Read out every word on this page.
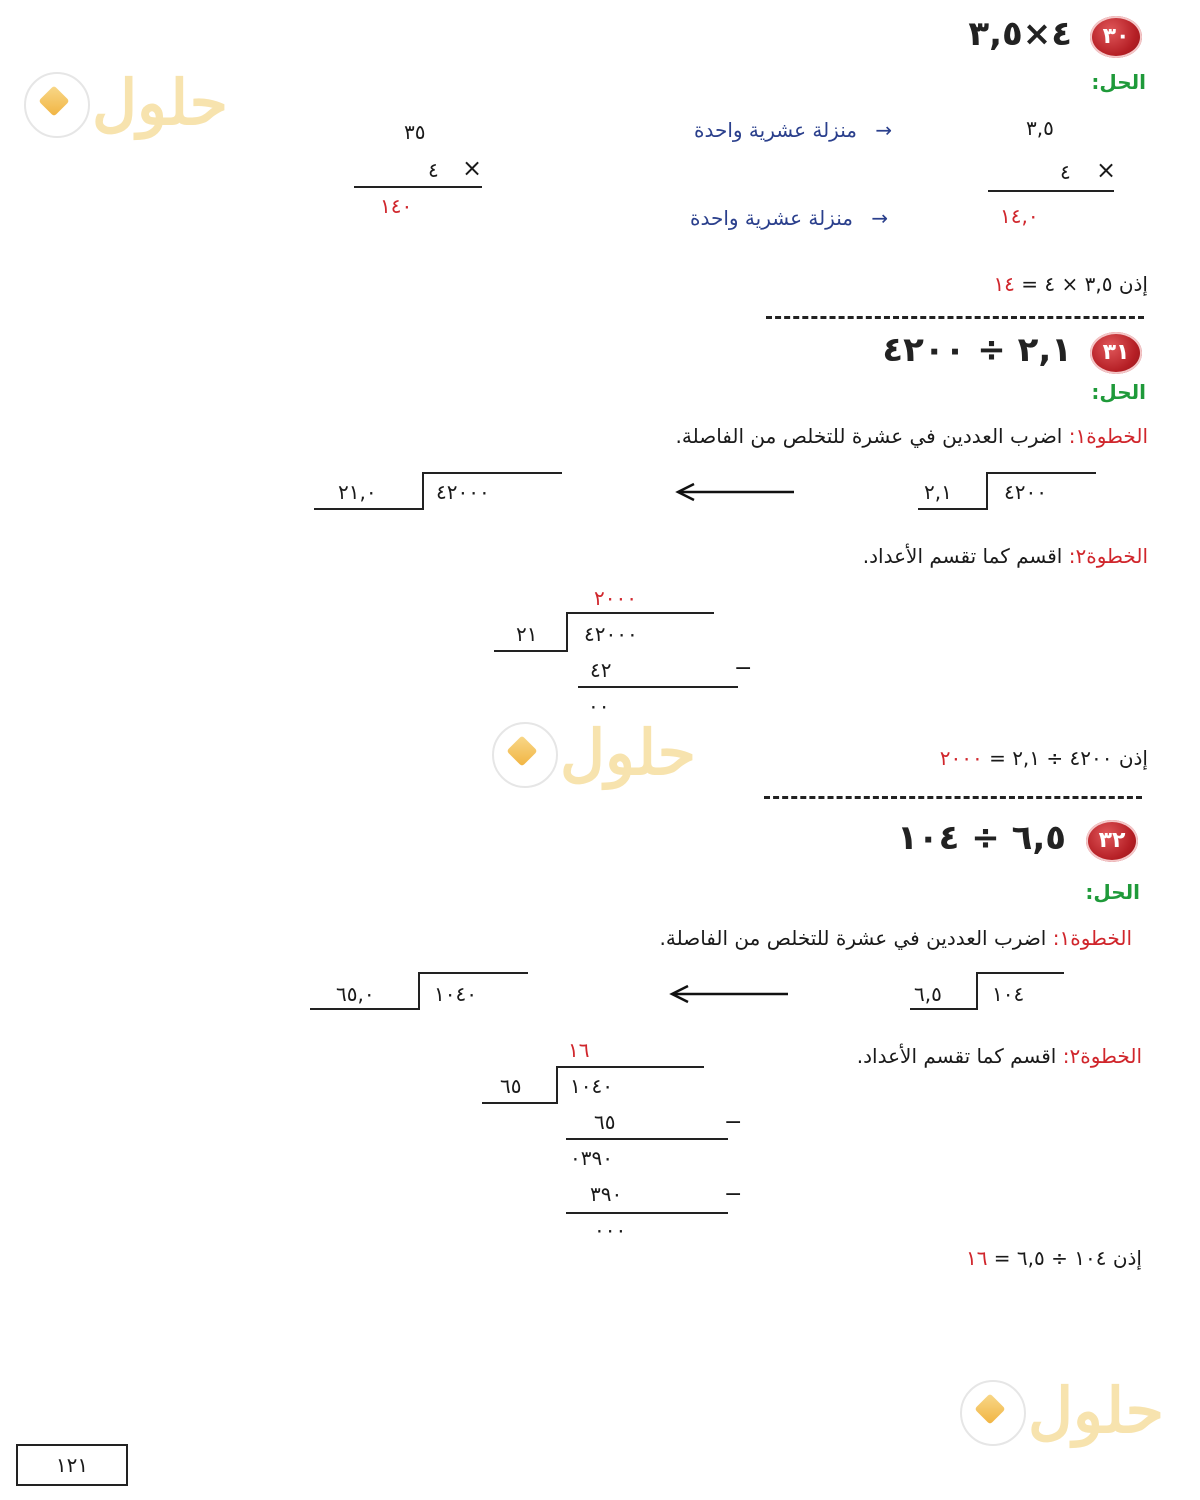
حلول
حلول
حلول
٣٠
٤×٣,٥
الحل:
٣,٥
٤ ×
١٤,٠
→ منزلة عشرية واحدة
→ منزلة عشرية واحدة
٣٥
٤ ×
١٤٠
إذن ٣,٥ × ٤ = ١٤
٣١
٢,١ ÷ ٤٢٠٠
الحل:
الخطوة١: اضرب العددين في عشرة للتخلص من الفاصلة.
٢,١	٤٢٠٠
٢١,٠	٤٢٠٠٠
الخطوة٢: اقسم كما تقسم الأعداد.
٢٠٠٠
٢١ ٤٢٠٠٠
٤٢	−
٠٠
إذن ٤٢٠٠ ÷ ٢,١ = ٢٠٠٠
٣٢
٦,٥ ÷ ١٠٤
الحل:
الخطوة١: اضرب العددين في عشرة للتخلص من الفاصلة.
٦,٥	١٠٤
٦٥,٠	١٠٤٠
الخطوة٢: اقسم كما تقسم الأعداد.
١٦
٦٥ ١٠٤٠
٦٥	−
٠٣٩٠
٣٩٠	−
٠٠٠
إذن ١٠٤ ÷ ٦,٥ = ١٦
١٢١
